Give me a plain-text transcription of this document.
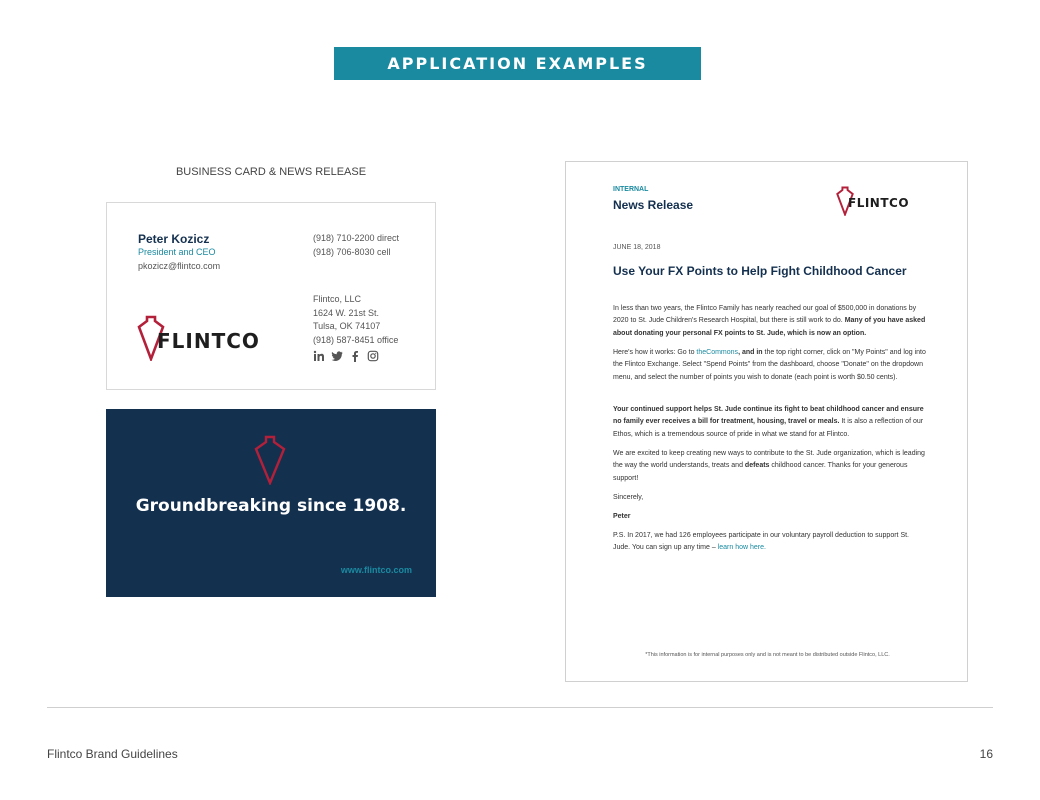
APPLICATION EXAMPLES
BUSINESS CARD & NEWS RELEASE
Peter Kozicz
President and CEO
pkozicz@flintco.com
(918) 710-2200 direct
(918) 706-8030 cell
Flintco, LLC
1624 W. 21st St.
Tulsa, OK 74107
(918) 587-8451 office
FLINTCO
Groundbreaking since 1908.
www.flintco.com
INTERNAL
News Release	FLINTCO
JUNE 18, 2018
Use Your FX Points to Help Fight Childhood Cancer

In less than two years, the Flintco Family has nearly reached our goal of $500,000 in donations by 2020 to St. Jude Children's Research Hospital, but there is still work to do. Many of you have asked about donating your personal FX points to St. Jude, which is now an option.

Here's how it works: Go to theCommons, and in the top right corner, click on "My Points" and log into the Flintco Exchange. Select "Spend Points" from the dashboard, choose "Donate" on the dropdown menu, and select the number of points you wish to donate (each point is worth $0.50 cents).

Your continued support helps St. Jude continue its fight to beat childhood cancer and ensure no family ever receives a bill for treatment, housing, travel or meals. It is also a reflection of our Ethos, which is a tremendous source of pride in what we stand for at Flintco.

We are excited to keep creating new ways to contribute to the St. Jude organization, which is leading the way the world understands, treats and defeats childhood cancer. Thanks for your generous support!

Sincerely,

Peter

P.S. In 2017, we had 126 employees participate in our voluntary payroll deduction to support St. Jude. You can sign up any time – learn how here.

*This information is for internal purposes only and is not meant to be distributed outside Flintco, LLC.
Flintco Brand Guidelines	16
